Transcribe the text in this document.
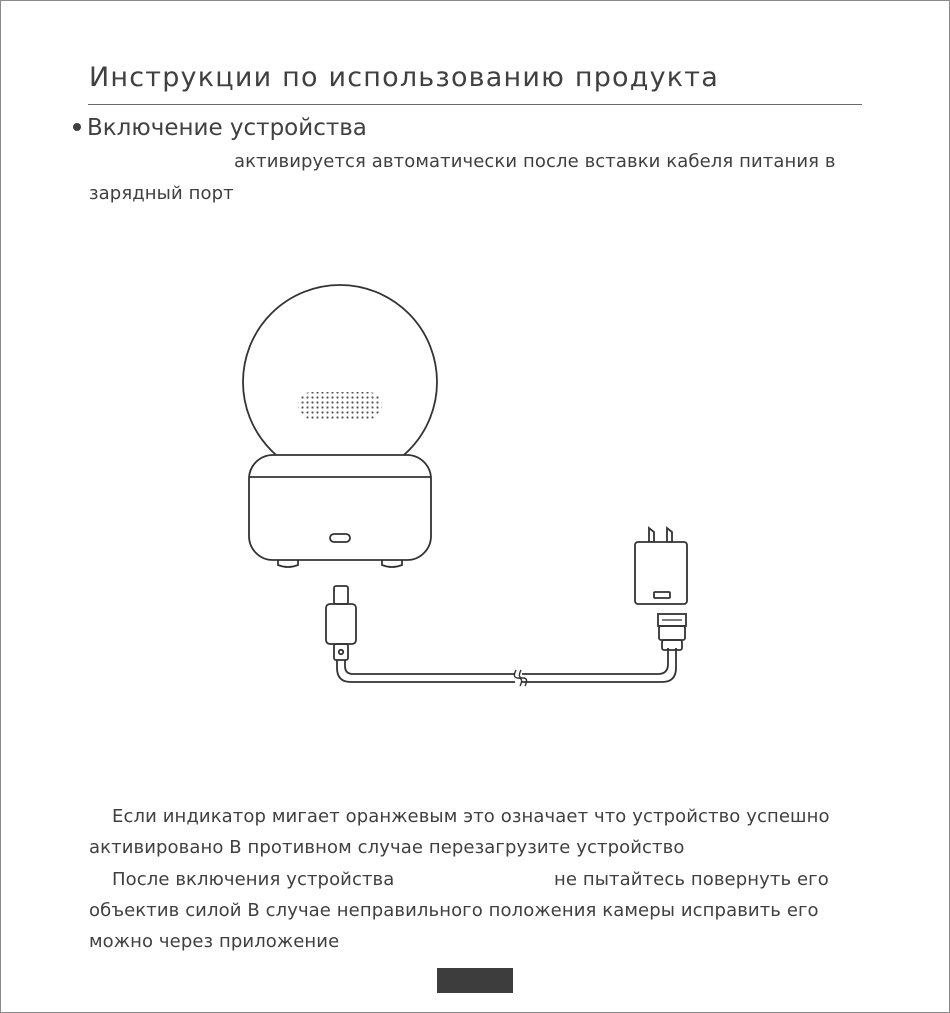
Инструкции по использованию продукта
Включение устройства
активируется автоматически после вставки кабеля питания в
зарядный порт
Если индикатор мигает оранжевым это означает что устройство успешно
активировано В противном случае перезагрузите устройство
После включения устройства	не пытайтесь повернуть его
объектив силой В случае неправильного положения камеры исправить его
можно через приложение
